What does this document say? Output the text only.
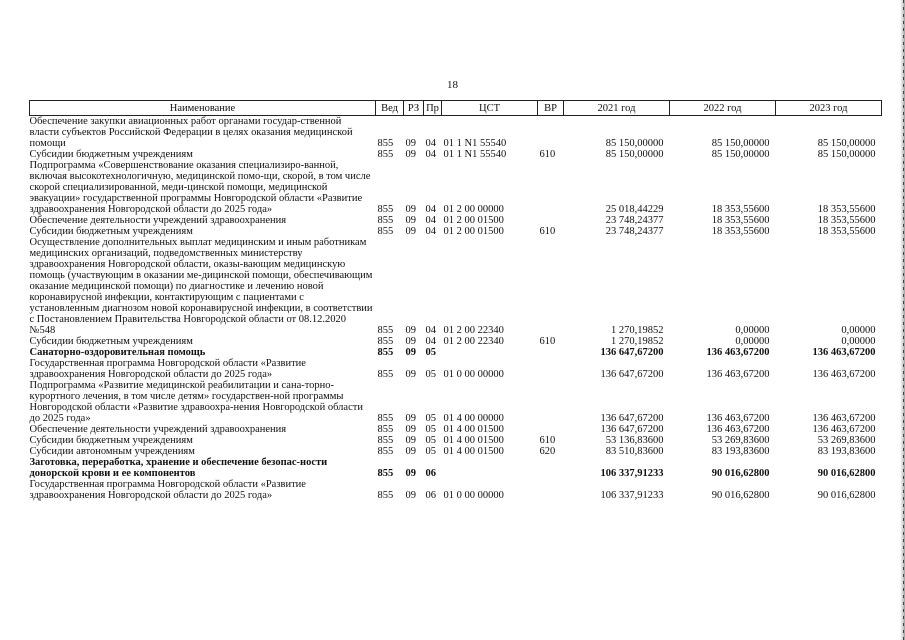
18
Наименование	Вед	РЗ	Пр	ЦСТ	ВР	2021 год	2022 год	2023 год
Обеспечение закупки авиационных работ органами государ-ственной власти субъектов Российской Федерации в целях оказания медицинской помощи	855	09	04	01 1 N1 55540		85 150,00000	85 150,00000	85 150,00000
Субсидии бюджетным учреждениям	855	09	04	01 1 N1 55540	610	85 150,00000	85 150,00000	85 150,00000
Подпрограмма «Совершенствование оказания специализиро-ванной, включая высокотехнологичную, медицинской помо-щи, скорой, в том числе скорой специализированной, меди-цинской помощи, медицинской эвакуации» государственной программы Новгородской области «Развитие здравоохранения Новгородской области до 2025 года»	855	09	04	01 2 00 00000		25 018,44229	18 353,55600	18 353,55600
Обеспечение деятельности учреждений здравоохранения	855	09	04	01 2 00 01500		23 748,24377	18 353,55600	18 353,55600
Субсидии бюджетным учреждениям	855	09	04	01 2 00 01500	610	23 748,24377	18 353,55600	18 353,55600
Осуществление дополнительных выплат медицинским и иным работникам медицинских организаций, подведомственных министерству здравоохранения Новгородской области, оказы-вающим медицинскую помощь (участвующим в оказании ме-дицинской помощи, обеспечивающим оказание медицинской помощи) по диагностике и лечению новой коронавирусной инфекции, контактирующим с пациентами с установленным диагнозом новой коронавирусной инфекции, в соответствии с Постановлением Правительства Новгородской области от 08.12.2020 №548	855	09	04	01 2 00 22340		1 270,19852	0,00000	0,00000
Субсидии бюджетным учреждениям	855	09	04	01 2 00 22340	610	1 270,19852	0,00000	0,00000
Санаторно-оздоровительная помощь	855	09	05			136 647,67200	136 463,67200	136 463,67200
Государственная программа Новгородской области «Развитие здравоохранения Новгородской области до 2025 года»	855	09	05	01 0 00 00000		136 647,67200	136 463,67200	136 463,67200
Подпрограмма «Развитие медицинской реабилитации и сана-торно-курортного лечения, в том числе детям» государствен-ной программы Новгородской области «Развитие здравоохра-нения Новгородской области до 2025 года»	855	09	05	01 4 00 00000		136 647,67200	136 463,67200	136 463,67200
Обеспечение деятельности учреждений здравоохранения	855	09	05	01 4 00 01500		136 647,67200	136 463,67200	136 463,67200
Субсидии бюджетным учреждениям	855	09	05	01 4 00 01500	610	53 136,83600	53 269,83600	53 269,83600
Субсидии автономным учреждениям	855	09	05	01 4 00 01500	620	83 510,83600	83 193,83600	83 193,83600
Заготовка, переработка, хранение и обеспечение безопас-ности донорской крови и ее компонентов	855	09	06			106 337,91233	90 016,62800	90 016,62800
Государственная программа Новгородской области «Развитие здравоохранения Новгородской области до 2025 года»	855	09	06	01 0 00 00000		106 337,91233	90 016,62800	90 016,62800
